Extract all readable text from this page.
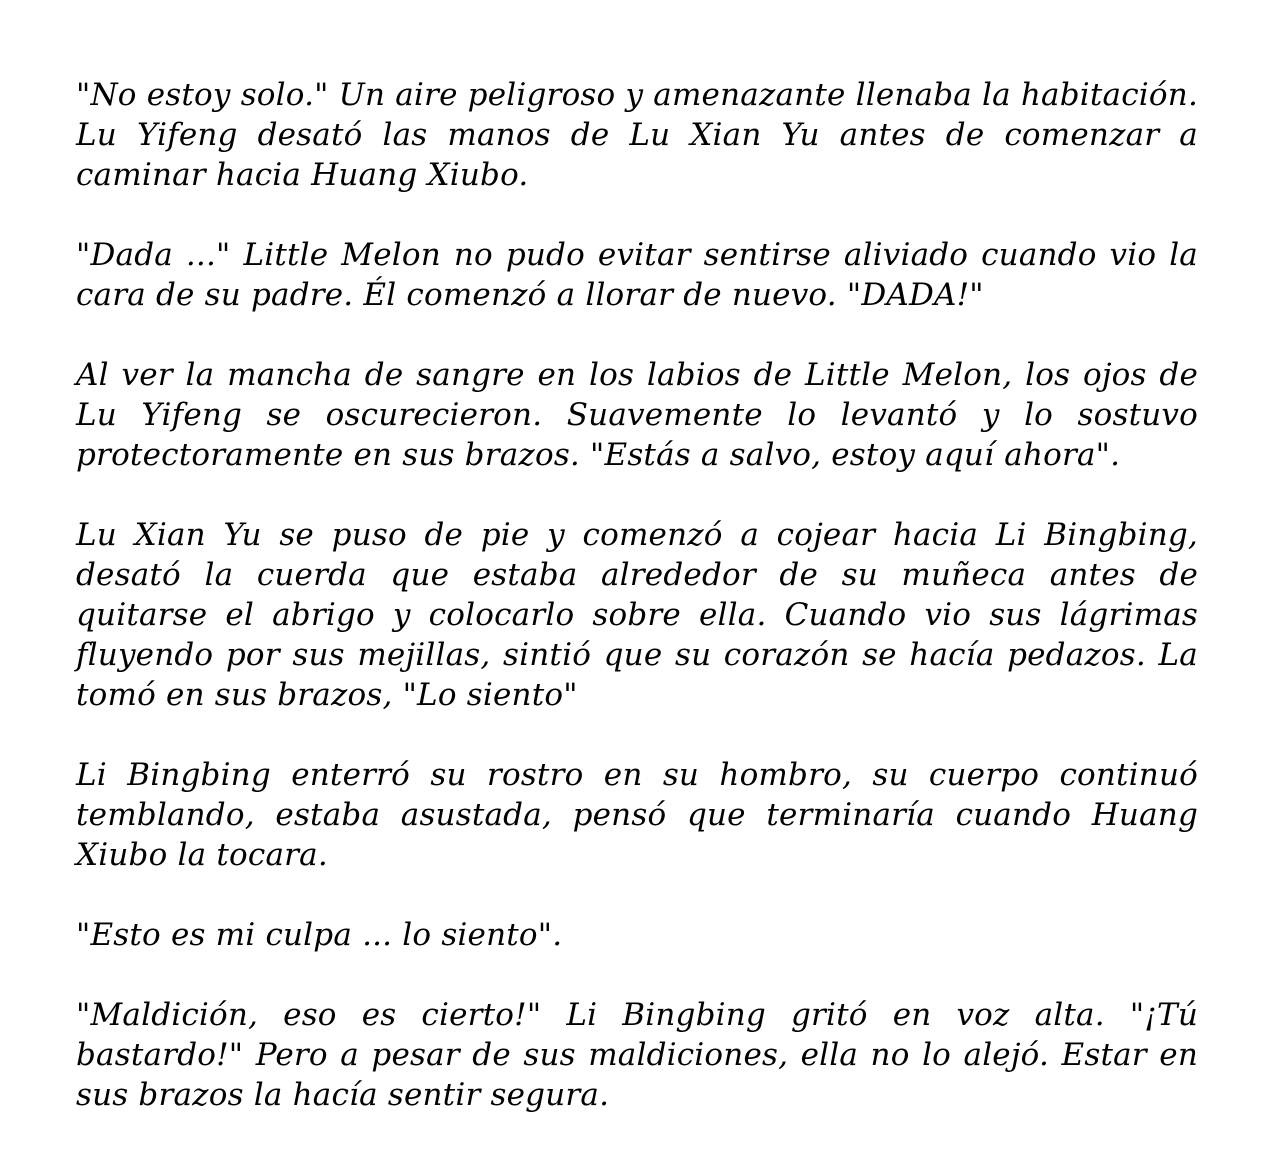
"No estoy solo." Un aire peligroso y amenazante llenaba la habitación. Lu Yifeng desató las manos de Lu Xian Yu antes de comenzar a caminar hacia Huang Xiubo.

"Dada ..." Little Melon no pudo evitar sentirse aliviado cuando vio la cara de su padre. Él comenzó a llorar de nuevo. "DADA!"

Al ver la mancha de sangre en los labios de Little Melon, los ojos de Lu Yifeng se oscurecieron. Suavemente lo levantó y lo sostuvo protectoramente en sus brazos. "Estás a salvo, estoy aquí ahora".

Lu Xian Yu se puso de pie y comenzó a cojear hacia Li Bingbing, desató la cuerda que estaba alrededor de su muñeca antes de quitarse el abrigo y colocarlo sobre ella. Cuando vio sus lágrimas fluyendo por sus mejillas, sintió que su corazón se hacía pedazos. La tomó en sus brazos, "Lo siento"

Li Bingbing enterró su rostro en su hombro, su cuerpo continuó temblando, estaba asustada, pensó que terminaría cuando Huang Xiubo la tocara.

"Esto es mi culpa ... lo siento".

"Maldición, eso es cierto!" Li Bingbing gritó en voz alta. "¡Tú bastardo!" Pero a pesar de sus maldiciones, ella no lo alejó. Estar en sus brazos la hacía sentir segura.
